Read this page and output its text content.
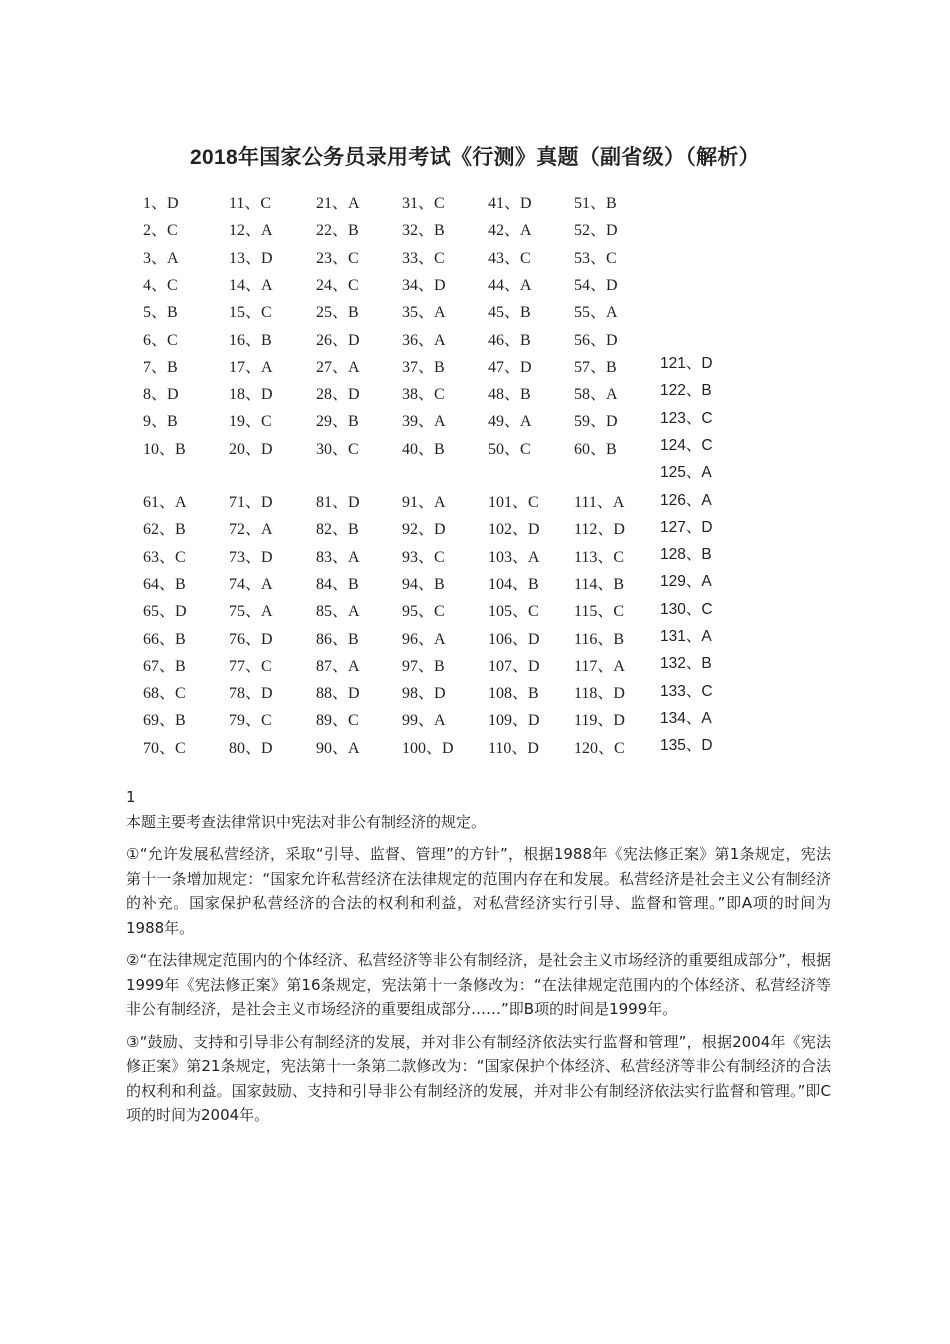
2018年国家公务员录用考试《行测》真题（副省级）（解析）
1、D
2、C
3、A
4、C
5、B
6、C
7、B
8、D
9、B
10、B
11、C
12、A
13、D
14、A
15、C
16、B
17、A
18、D
19、C
20、D
21、A
22、B
23、C
24、C
25、B
26、D
27、A
28、D
29、B
30、C
31、C
32、B
33、C
34、D
35、A
36、A
37、B
38、C
39、A
40、B
41、D
42、A
43、C
44、A
45、B
46、B
47、D
48、B
49、A
50、C
51、B
52、D
53、C
54、D
55、A
56、D
57、B
58、A
59、D
60、B
61、A
62、B
63、C
64、B
65、D
66、B
67、B
68、C
69、B
70、C
71、D
72、A
73、D
74、A
75、A
76、D
77、C
78、D
79、C
80、D
81、D
82、B
83、A
84、B
85、A
86、B
87、A
88、D
89、C
90、A
91、A
92、D
93、C
94、B
95、C
96、A
97、B
98、D
99、A
100、D
101、C
102、D
103、A
104、B
105、C
106、D
107、D
108、B
109、D
110、D
111、A
112、D
113、C
114、B
115、C
116、B
117、A
118、D
119、D
120、C
121、D
122、B
123、C
124、C
125、A
126、A
127、D
128、B
129、A
130、C
131、A
132、B
133、C
134、A
135、D

1

本题主要考查法律常识中宪法对非公有制经济的规定。

①“允许发展私营经济，采取“引导、监督、管理”的方针”，根据1988年《宪法修正案》第1条规定，宪法第十一条增加规定：“国家允许私营经济在法律规定的范围内存在和发展。私营经济是社会主义公有制经济的补充。国家保护私营经济的合法的权利和利益，对私营经济实行引导、监督和管理。”即A项的时间为1988年。

②“在法律规定范围内的个体经济、私营经济等非公有制经济，是社会主义市场经济的重要组成部分”，根据1999年《宪法修正案》第16条规定，宪法第十一条修改为：“在法律规定范围内的个体经济、私营经济等非公有制经济，是社会主义市场经济的重要组成部分……”即B项的时间是1999年。

③“鼓励、支持和引导非公有制经济的发展，并对非公有制经济依法实行监督和管理”，根据2004年《宪法修正案》第21条规定，宪法第十一条第二款修改为：“国家保护个体经济、私营经济等非公有制经济的合法的权利和利益。国家鼓励、支持和引导非公有制经济的发展，并对非公有制经济依法实行监督和管理。”即C项的时间为2004年。
